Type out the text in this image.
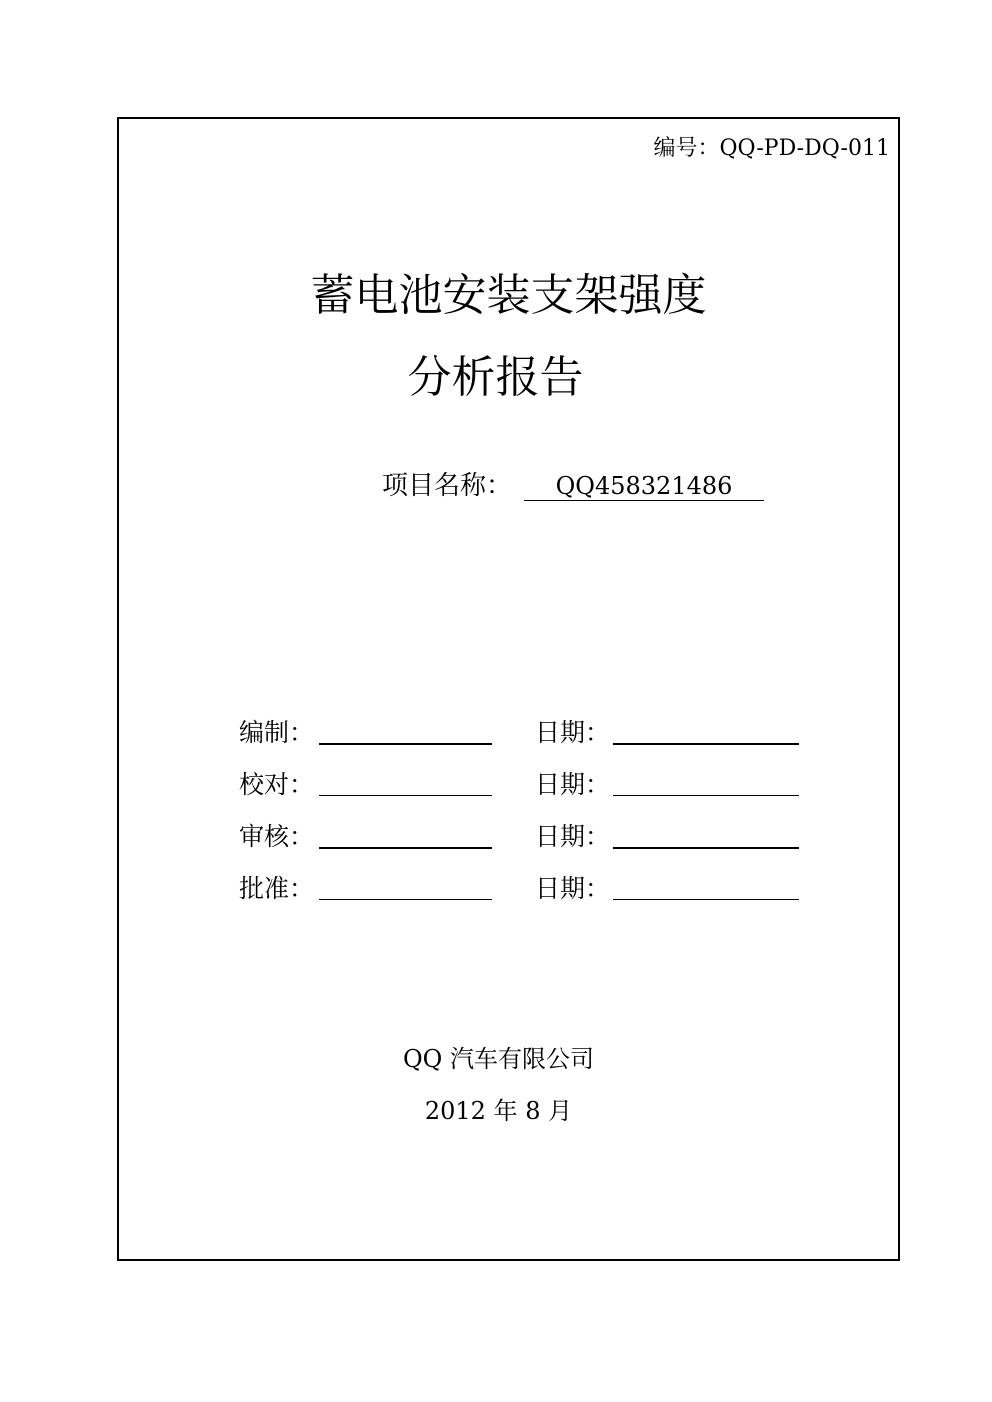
编号：QQ-PD-DQ-011
蓄电池安装支架强度
分析报告
项目名称： QQ458321486
编制：	日期：
校对：	日期：
审核：	日期：
批准：	日期：
QQ 汽车有限公司
2012 年 8 月
